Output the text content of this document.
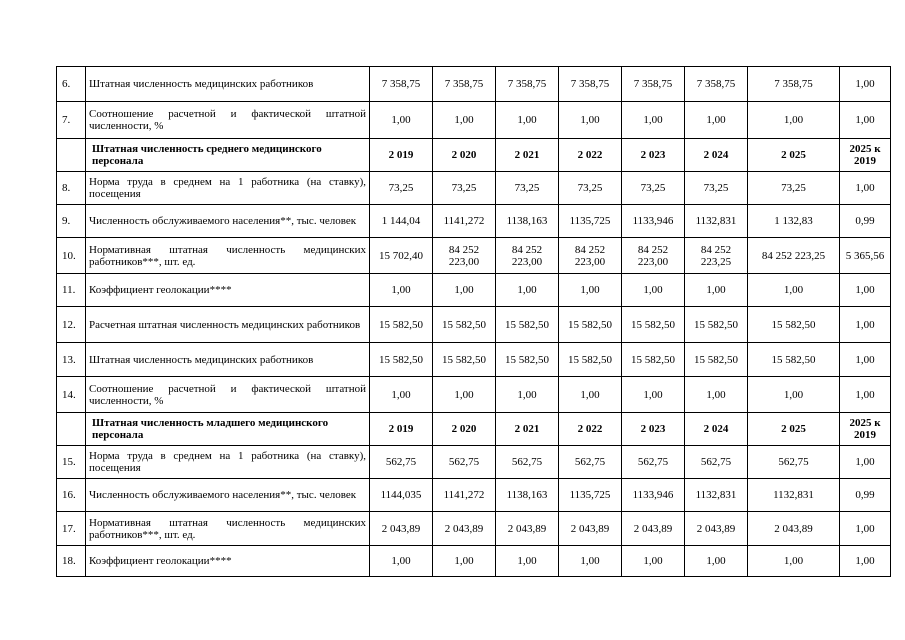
6.	Штатная численность медицинских работников	7 358,75	7 358,75	7 358,75	7 358,75	7 358,75	7 358,75	7 358,75	1,00
7.	Соотношение расчетной и фактической штатной численности, %	1,00	1,00	1,00	1,00	1,00	1,00	1,00	1,00
	Штатная численность среднего медицинского персонала	2 019	2 020	2 021	2 022	2 023	2 024	2 025	2025 к 2019
8.	Норма труда в среднем на 1 работника (на ставку), посещения	73,25	73,25	73,25	73,25	73,25	73,25	73,25	1,00
9.	Численность обслуживаемого населения**, тыс. человек	1 144,04	1141,272	1138,163	1135,725	1133,946	1132,831	1 132,83	0,99
10.	Нормативная штатная численность медицинских работников***, шт. ед.	15 702,40	84 252 223,00	84 252 223,00	84 252 223,00	84 252 223,00	84 252 223,25	84 252 223,25	5 365,56
11.	Коэффициент геолокации****	1,00	1,00	1,00	1,00	1,00	1,00	1,00	1,00
12.	Расчетная штатная численность медицинских работников	15 582,50	15 582,50	15 582,50	15 582,50	15 582,50	15 582,50	15 582,50	1,00
13.	Штатная численность медицинских работников	15 582,50	15 582,50	15 582,50	15 582,50	15 582,50	15 582,50	15 582,50	1,00
14.	Соотношение расчетной и фактической штатной численности, %	1,00	1,00	1,00	1,00	1,00	1,00	1,00	1,00
	Штатная численность младшего медицинского персонала	2 019	2 020	2 021	2 022	2 023	2 024	2 025	2025 к 2019
15.	Норма труда в среднем на 1 работника (на ставку), посещения	562,75	562,75	562,75	562,75	562,75	562,75	562,75	1,00
16.	Численность обслуживаемого населения**, тыс. человек	1144,035	1141,272	1138,163	1135,725	1133,946	1132,831	1132,831	0,99
17.	Нормативная штатная численность медицинских работников***, шт. ед.	2 043,89	2 043,89	2 043,89	2 043,89	2 043,89	2 043,89	2 043,89	1,00
18.	Коэффициент геолокации****	1,00	1,00	1,00	1,00	1,00	1,00	1,00	1,00
